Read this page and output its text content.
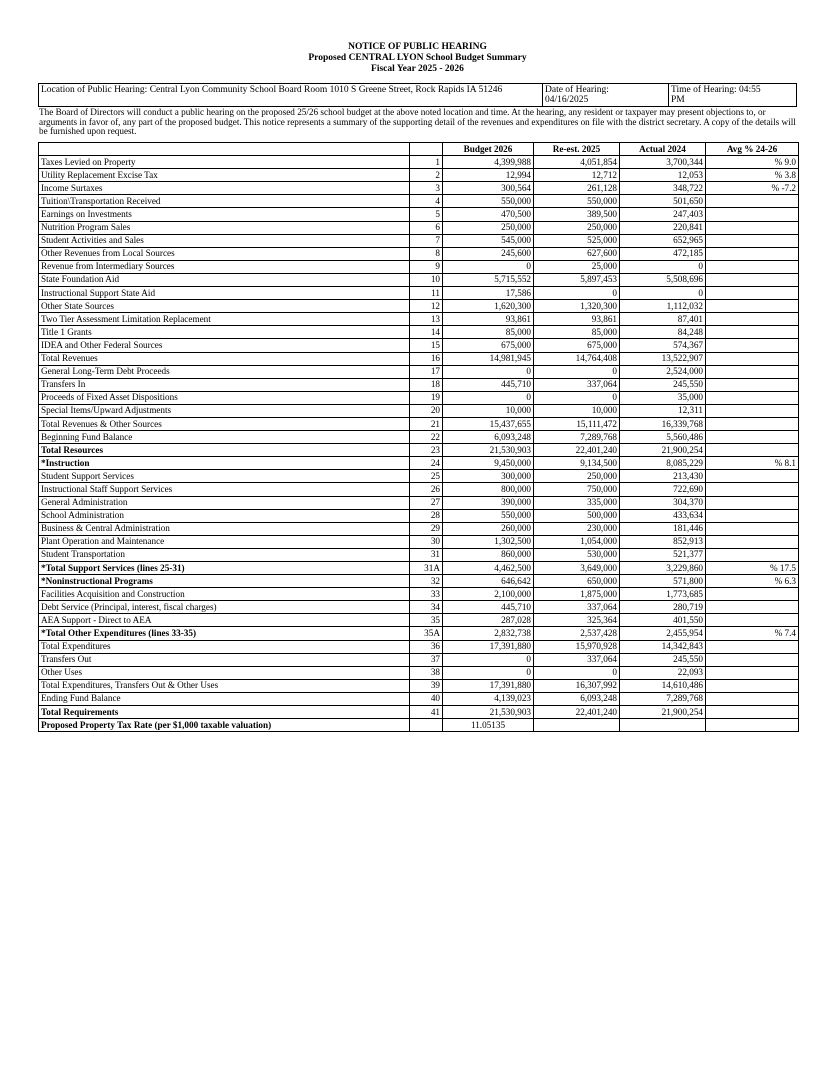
NOTICE OF PUBLIC HEARING
Proposed CENTRAL LYON School Budget Summary
Fiscal Year 2025 - 2026
Location of Public Hearing: Central Lyon Community School Board Room 1010 S Greene Street, Rock Rapids IA 51246	Date of Hearing:
04/16/2025

Time of Hearing: 04:55
PM
The Board of Directors will conduct a public hearing on the proposed 25/26 school budget at the above noted location and time. At the hearing, any resident or taxpayer may present objections to, or arguments in favor of, any part of the proposed budget. This notice represents a summary of the supporting detail of the revenues and expenditures on file with the district secretary. A copy of the details will be furnished upon request.
		Budget 2026	Re-est. 2025	Actual 2024	Avg % 24-26
Taxes Levied on Property	1	4,399,988	4,051,854	3,700,344	% 9.0
Utility Replacement Excise Tax	2	12,994	12,712	12,053	% 3.8
Income Surtaxes	3	300,564	261,128	348,722	% -7.2
Tuition\Transportation Received	4	550,000	550,000	501,650	
Earnings on Investments	5	470,500	389,500	247,403	
Nutrition Program Sales	6	250,000	250,000	220,841	
Student Activities and Sales	7	545,000	525,000	652,965	
Other Revenues from Local Sources	8	245,600	627,600	472,185	
Revenue from Intermediary Sources	9	0	25,000	0	
State Foundation Aid	10	5,715,552	5,897,453	5,508,696	
Instructional Support State Aid	11	17,586	0	0	
Other State Sources	12	1,620,300	1,320,300	1,112,032	
Two Tier Assessment Limitation Replacement	13	93,861	93,861	87,401	
Title 1 Grants	14	85,000	85,000	84,248	
IDEA and Other Federal Sources	15	675,000	675,000	574,367	
Total Revenues	16	14,981,945	14,764,408	13,522,907	
General Long-Term Debt Proceeds	17	0	0	2,524,000	
Transfers In	18	445,710	337,064	245,550	
Proceeds of Fixed Asset Dispositions	19	0	0	35,000	
Special Items/Upward Adjustments	20	10,000	10,000	12,311	
Total Revenues & Other Sources	21	15,437,655	15,111,472	16,339,768	
Beginning Fund Balance	22	6,093,248	7,289,768	5,560,486	
Total Resources	23	21,530,903	22,401,240	21,900,254	
*Instruction	24	9,450,000	9,134,500	8,085,229	% 8.1
Student Support Services	25	300,000	250,000	213,430	
Instructional Staff Support Services	26	800,000	750,000	722,690	
General Administration	27	390,000	335,000	304,370	
School Administration	28	550,000	500,000	433,634	
Business & Central Administration	29	260,000	230,000	181,446	
Plant Operation and Maintenance	30	1,302,500	1,054,000	852,913	
Student Transportation	31	860,000	530,000	521,377	
*Total Support Services (lines 25-31)	31A	4,462,500	3,649,000	3,229,860	% 17.5
*Noninstructional Programs	32	646,642	650,000	571,800	% 6.3
Facilities Acquisition and Construction	33	2,100,000	1,875,000	1,773,685	
Debt Service (Principal, interest, fiscal charges)	34	445,710	337,064	280,719	
AEA Support - Direct to AEA	35	287,028	325,364	401,550	
*Total Other Expenditures (lines 33-35)	35A	2,832,738	2,537,428	2,455,954	% 7.4
Total Expenditures	36	17,391,880	15,970,928	14,342,843	
Transfers Out	37	0	337,064	245,550	
Other Uses	38	0	0	22,093	
Total Expenditures, Transfers Out & Other Uses	39	17,391,880	16,307,992	14,610,486	
Ending Fund Balance	40	4,139,023	6,093,248	7,289,768	
Total Requirements	41	21,530,903	22,401,240	21,900,254	
Proposed Property Tax Rate (per $1,000 taxable valuation)		11.05135			
